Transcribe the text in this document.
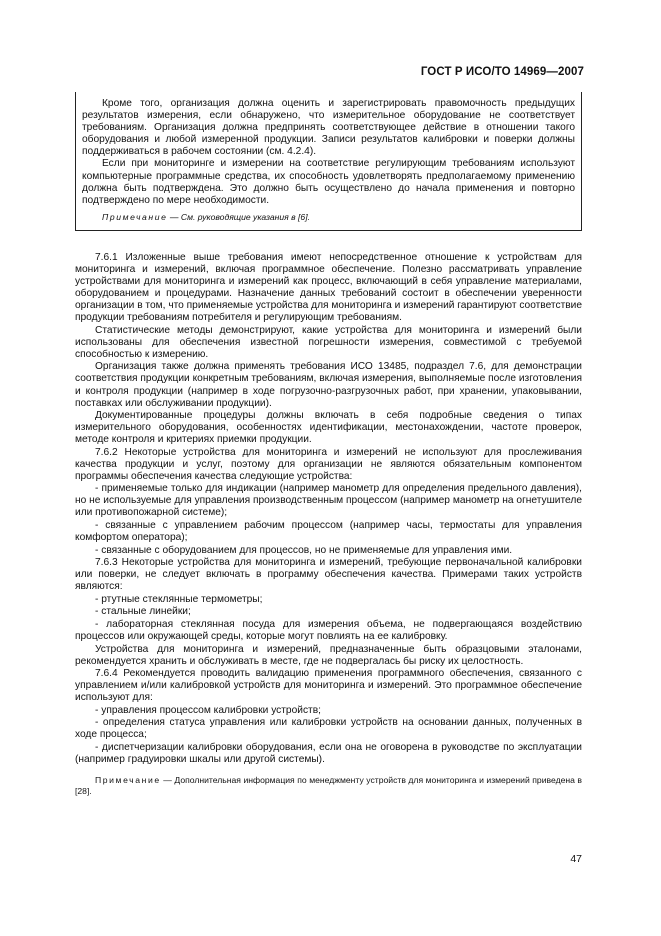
ГОСТ Р ИСО/ТО 14969—2007

Кроме того, организация должна оценить и зарегистрировать правомочность предыдущих результатов измерения, если обнаружено, что измерительное оборудование не соответствует требованиям. Организация должна предпринять соответствующее действие в отношении такого оборудования и любой измеренной продукции. Записи результатов калибровки и поверки должны поддерживаться в рабочем состоянии (см. 4.2.4).

Если при мониторинге и измерении на соответствие регулирующим требованиям используют компьютерные программные средства, их способность удовлетворять предполагаемому применению должна быть подтверждена. Это должно быть осуществлено до начала применения и повторно подтверждено по мере необходимости.

Примечание — См. руководящие указания в [6].

7.6.1 Изложенные выше требования имеют непосредственное отношение к устройствам для мониторинга и измерений, включая программное обеспечение. Полезно рассматривать управление устройствами для мониторинга и измерений как процесс, включающий в себя управление материалами, оборудованием и процедурами. Назначение данных требований состоит в обеспечении уверенности организации в том, что применяемые устройства для мониторинга и измерений гарантируют соответствие продукции требованиям потребителя и регулирующим требованиям.

Статистические методы демонстрируют, какие устройства для мониторинга и измерений были использованы для обеспечения известной погрешности измерения, совместимой с требуемой способностью к измерению.

Организация также должна применять требования ИСО 13485, подраздел 7.6, для демонстрации соответствия продукции конкретным требованиям, включая измерения, выполняемые после изготовления и контроля продукции (например в ходе погрузочно-разгрузочных работ, при хранении, упаковывании, поставках или обслуживании продукции).

Документированные процедуры должны включать в себя подробные сведения о типах измерительного оборудования, особенностях идентификации, местонахождении, частоте проверок, методе контроля и критериях приемки продукции.

7.6.2 Некоторые устройства для мониторинга и измерений не используют для прослеживания качества продукции и услуг, поэтому для организации не являются обязательным компонентом программы обеспечения качества следующие устройства:

- применяемые только для индикации (например манометр для определения предельного давления), но не используемые для управления производственным процессом (например манометр на огнетушителе или противопожарной системе);

- связанные с управлением рабочим процессом (например часы, термостаты для управления комфортом оператора);

- связанные с оборудованием для процессов, но не применяемые для управления ими.

7.6.3 Некоторые устройства для мониторинга и измерений, требующие первоначальной калибровки или поверки, не следует включать в программу обеспечения качества. Примерами таких устройств являются:

- ртутные стеклянные термометры;

- стальные линейки;

- лабораторная стеклянная посуда для измерения объема, не подвергающаяся воздействию процессов или окружающей среды, которые могут повлиять на ее калибровку.

Устройства для мониторинга и измерений, предназначенные быть образцовыми эталонами, рекомендуется хранить и обслуживать в месте, где не подвергалась бы риску их целостность.

7.6.4 Рекомендуется проводить валидацию применения программного обеспечения, связанного с управлением и/или калибровкой устройств для мониторинга и измерений. Это программное обеспечение используют для:

- управления процессом калибровки устройств;

- определения статуса управления или калибровки устройств на основании данных, полученных в ходе процесса;

- диспетчеризации калибровки оборудования, если она не оговорена в руководстве по эксплуатации (например градуировки шкалы или другой системы).

Примечание — Дополнительная информация по менеджменту устройств для мониторинга и измерений приведена в [28].

47
